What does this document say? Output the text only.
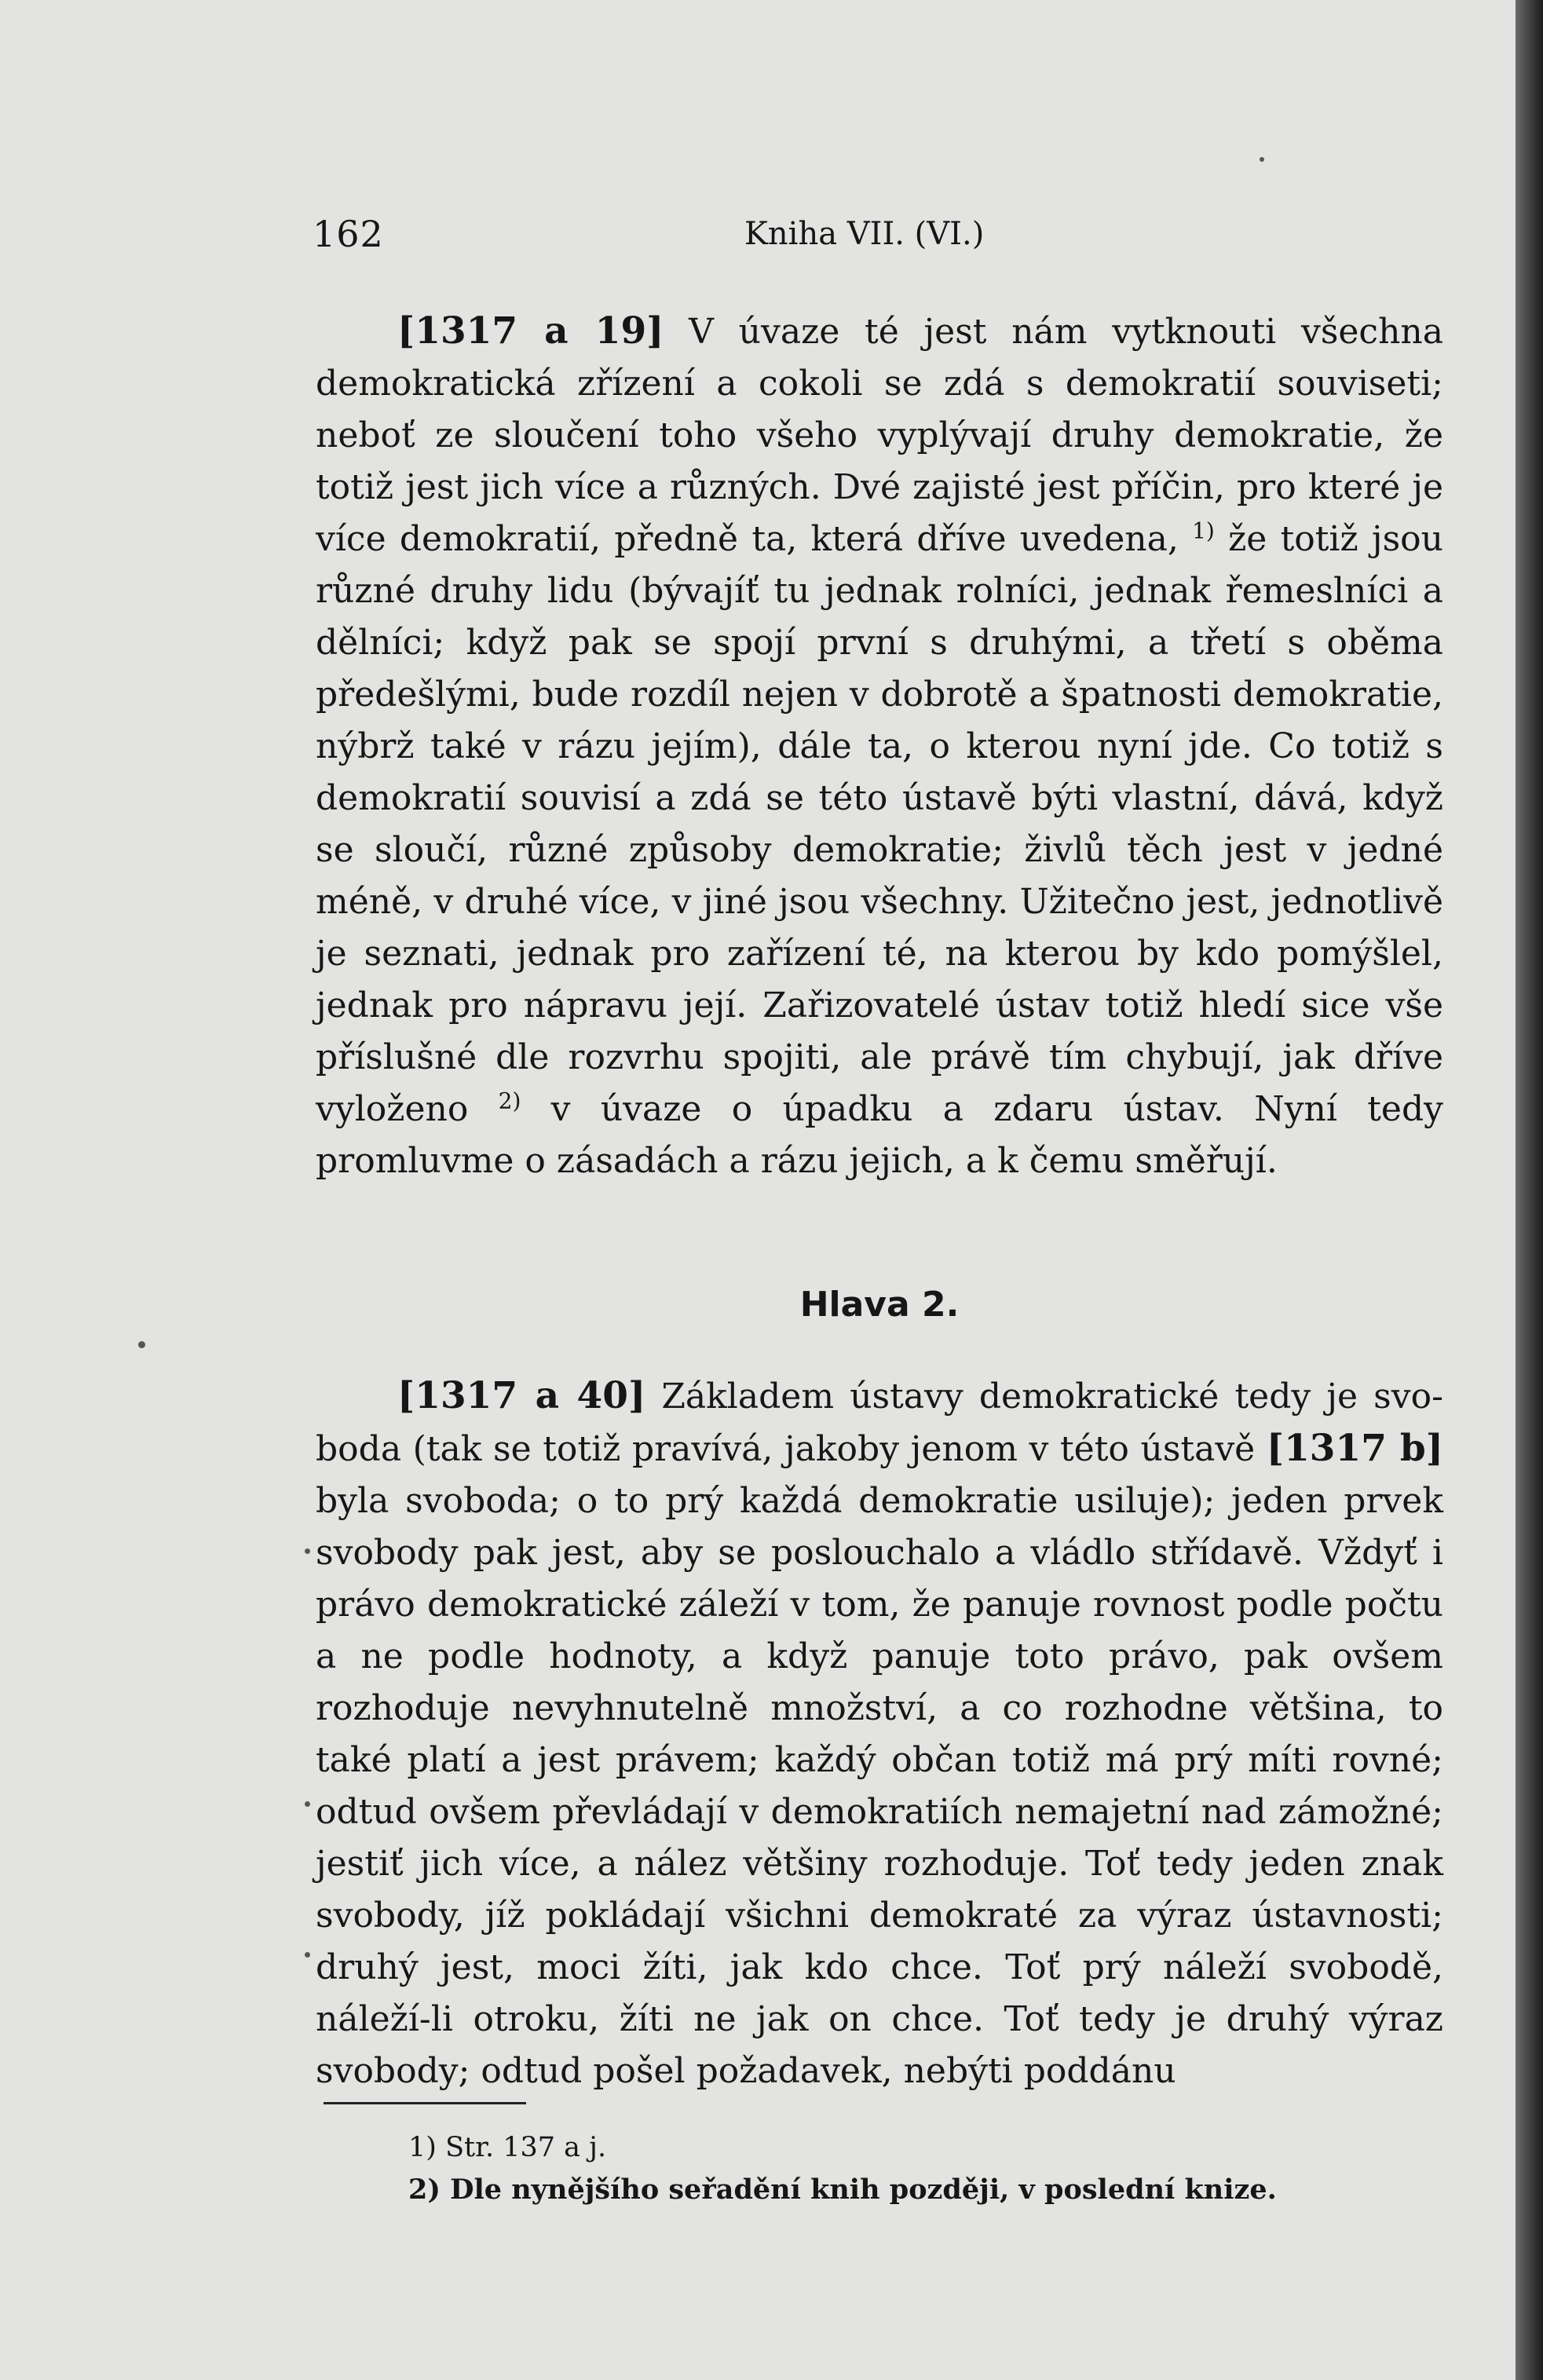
162	Kniha VII. (VI.)

[1317 a 19] V úvaze té jest nám vytknouti všechna demokratická zřízení a cokoli se zdá s demokratií souviseti; neboť ze sloučení toho všeho vyplývají druhy demokratie, že totiž jest jich více a různých. Dvé zajisté jest příčin, pro které je více demokratií, předně ta, která dříve uvedena, $^{1)}$ že totiž jsou různé druhy lidu (bývajíť tu jednak rolníci, jednak řemeslníci a dělníci; když pak se spojí první s druhými, a třetí s oběma předešlými, bude rozdíl nejen v dobrotě a špatnosti demokratie, nýbrž také v rázu jejím), dále ta, o kterou nyní jde. Co totiž s demokratií souvisí a zdá se této ústavě býti vlastní, dává, když se sloučí, různé způsoby demokratie; živlů těch jest v jedné méně, v druhé více, v jiné jsou všechny. Užitečno jest, jednotlivě je seznati, jednak pro zařízení té, na kterou by kdo pomýšlel, jednak pro nápravu její. Zařizovatelé ústav totiž hledí sice vše příslušné dle rozvrhu spojiti, ale právě tím chybují, jak dříve vyloženo $^{2)}$ v úvaze o úpadku a zdaru ústav. Nyní tedy promluvme o zásadách a rázu jejich, a k čemu směřují.

Hlava 2.

[1317 a 40] Základem ústavy demokratické tedy je svoboda (tak se totiž pravívá, jakoby jenom v této ústavě [1317 b] byla svoboda; o to prý každá demokratie usiluje); jeden prvek svobody pak jest, aby se poslouchalo a vládlo střídavě. Vždyť i právo demokratické záleží v tom, že panuje rovnost podle počtu a ne podle hodnoty, a když panuje toto právo, pak ovšem rozhoduje nevyhnutelně množství, a co rozhodne většina, to také platí a jest právem; každý občan totiž má prý míti rovné; odtud ovšem převládají v demokratiích nemajetní nad zámožné; jestiť jich více, a nález většiny rozhoduje. Toť tedy jeden znak svobody, jíž pokládají všichni demokraté za výraz ústavnosti; druhý jest, moci žíti, jak kdo chce. Toť prý náleží svobodě, náleží-li otroku, žíti ne jak on chce. Toť tedy je druhý výraz svobody; odtud pošel požadavek, nebýti poddánu

1) Str. 137 a j.

2) Dle nynějšího seřadění knih později, v poslední knize.
